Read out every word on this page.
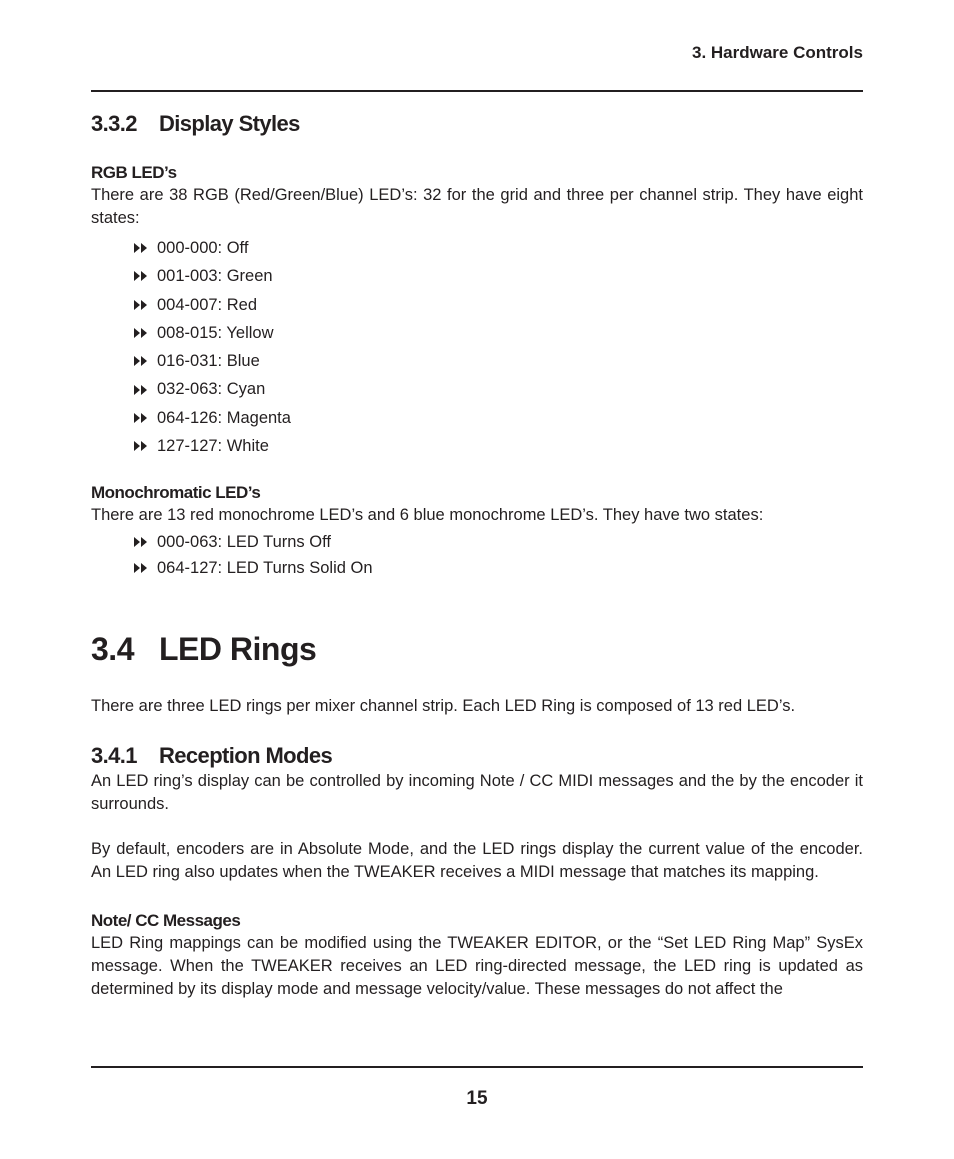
3. Hardware Controls
3.3.2 Display Styles
RGB LED’s

There are 38 RGB (Red/Green/Blue) LED’s: 32 for the grid and three per channel strip. They have eight states:

000-000: Off
001-003: Green
004-007: Red
008-015: Yellow
016-031: Blue
032-063: Cyan
064-126: Magenta
127-127: White
Monochromatic LED’s

There are 13 red monochrome LED’s and 6 blue monochrome LED’s. They have two states:

000-063: LED Turns Off
064-127: LED Turns Solid On
3.4 LED Rings

There are three LED rings per mixer channel strip. Each LED Ring is composed of 13 red LED’s.

3.4.1 Reception Modes

An LED ring’s display can be controlled by incoming Note / CC MIDI messages and the by the encoder it surrounds.

By default, encoders are in Absolute Mode, and the LED rings display the current value of the encoder. An LED ring also updates when the TWEAKER receives a MIDI message that matches its mapping.

Note/ CC Messages

LED Ring mappings can be modified using the TWEAKER EDITOR, or the “Set LED Ring Map” SysEx message. When the TWEAKER receives an LED ring-directed message, the LED ring is updated as determined by its display mode and message velocity/value. These messages do not affect the

15
